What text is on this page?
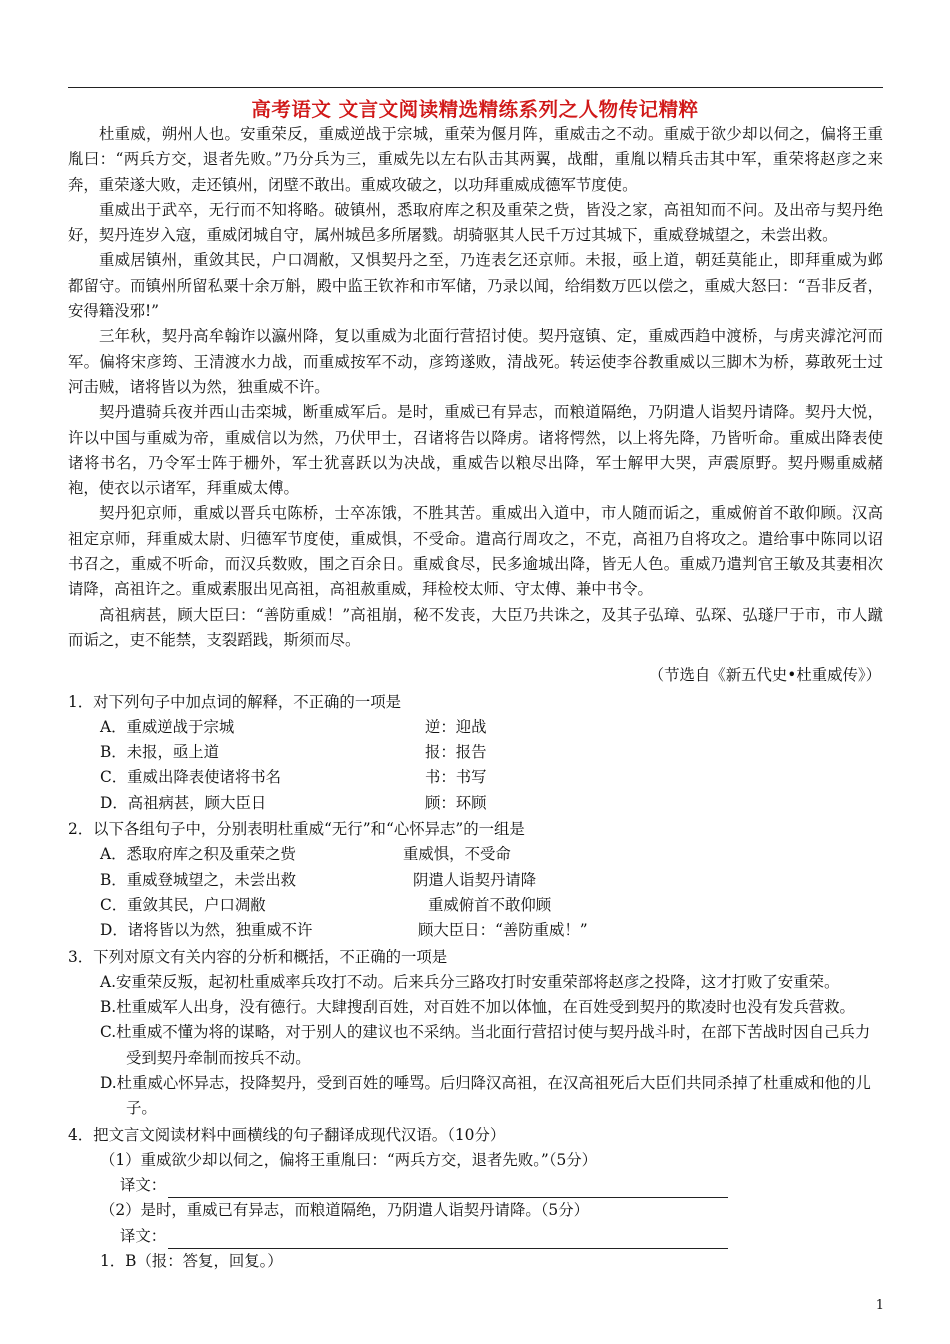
高考语文 文言文阅读精选精练系列之人物传记精粹

杜重威，朔州人也。安重荣反，重威逆战于宗城，重荣为偃月阵，重威击之不动。重威于欲少却以伺之，偏将王重胤曰：“两兵方交，退者先败。”乃分兵为三，重威先以左右队击其两翼，战酣，重胤以精兵击其中军，重荣将赵彦之来奔，重荣遂大败，走还镇州，闭壁不敢出。重威攻破之，以功拜重威成德军节度使。

重威出于武卒，无行而不知将略。破镇州，悉取府库之积及重荣之赀，皆没之家，高祖知而不问。及出帝与契丹绝好，契丹连岁入寇，重威闭城自守，属州城邑多所屠戮。胡骑驱其人民千万过其城下，重威登城望之，未尝出救。

重威居镇州，重敛其民，户口凋敝，又惧契丹之至，乃连表乞还京师。未报，亟上道，朝廷莫能止，即拜重威为邺都留守。而镇州所留私粟十余万斛，殿中监王钦祚和市军储，乃录以闻，给绢数万匹以偿之，重威大怒曰：“吾非反者，安得籍没邪!”

三年秋，契丹高牟翰诈以瀛州降，复以重威为北面行营招讨使。契丹寇镇、定，重威西趋中渡桥，与虏夹滹沱河而军。偏将宋彦筠、王清渡水力战，而重威按军不动，彦筠遂败，清战死。转运使李谷教重威以三脚木为桥，募敢死士过河击贼，诸将皆以为然，独重威不许。

契丹遣骑兵夜并西山击栾城，断重威军后。是时，重威已有异志，而粮道隔绝，乃阴遣人诣契丹请降。契丹大悦，许以中国与重威为帝，重威信以为然，乃伏甲士，召诸将告以降虏。诸将愕然，以上将先降，乃皆听命。重威出降表使诸将书名，乃令军士阵于栅外，军士犹喜跃以为决战，重威告以粮尽出降，军士解甲大哭，声震原野。契丹赐重威赭袍，使衣以示诸军，拜重威太傅。

契丹犯京师，重威以晋兵屯陈桥，士卒冻饿，不胜其苦。重威出入道中，市人随而诟之，重威俯首不敢仰顾。汉高祖定京师，拜重威太尉、归德军节度使，重威惧，不受命。遣高行周攻之，不克，高祖乃自将攻之。遣给事中陈同以诏书召之，重威不听命，而汉兵数败，围之百余日。重威食尽，民多逾城出降，皆无人色。重威乃遣判官王敏及其妻相次请降，高祖许之。重威素服出见高祖，高祖赦重威，拜检校太师、守太傅、兼中书令。

高祖病甚，顾大臣曰：“善防重威！”高祖崩，秘不发丧，大臣乃共诛之，及其子弘璋、弘琛、弘璲尸于市，市人蹴而诟之，吏不能禁，支裂蹈践，斯须而尽。

（节选自《新五代史•杜重威传》）
1．对下列句子中加点词的解释，不正确的一项是
A．重威逆战于宗城	逆：迎战
B．未报，亟上道	报：报告
C．重威出降表使诸将书名	书：书写
D．高祖病甚，顾大臣日	顾：环顾
2．以下各组句子中，分别表明杜重威“无行”和“心怀异志”的一组是
A．悉取府库之积及重荣之赀	重威惧，不受命
B．重威登城望之，未尝出救	阴遣人诣契丹请降
C．重敛其民，户口凋敝	重威俯首不敢仰顾
D．诸将皆以为然，独重威不许	顾大臣日：“善防重威！”
3．下列对原文有关内容的分析和概括，不正确的一项是
A.安重荣反叛，起初杜重威率兵攻打不动。后来兵分三路攻打时安重荣部将赵彦之投降，这才打败了安重荣。
B.杜重威军人出身，没有德行。大肆搜刮百姓，对百姓不加以体恤，在百姓受到契丹的欺凌时也没有发兵营救。
C.杜重威不懂为将的谋略，对于别人的建议也不采纳。当北面行营招讨使与契丹战斗时，在部下苦战时因自己兵力受到契丹牵制而按兵不动。
D.杜重威心怀异志，投降契丹，受到百姓的唾骂。后归降汉高祖，在汉高祖死后大臣们共同杀掉了杜重威和他的儿子。
4．把文言文阅读材料中画横线的句子翻译成现代汉语。（10分）
（1）重威欲少却以伺之，偏将王重胤曰：“两兵方交，退者先败。”（5分）
译文：
（2）是时，重威已有异志，而粮道隔绝，乃阴遣人诣契丹请降。（5分）
译文：
1．B（报：答复，回复。）
1
